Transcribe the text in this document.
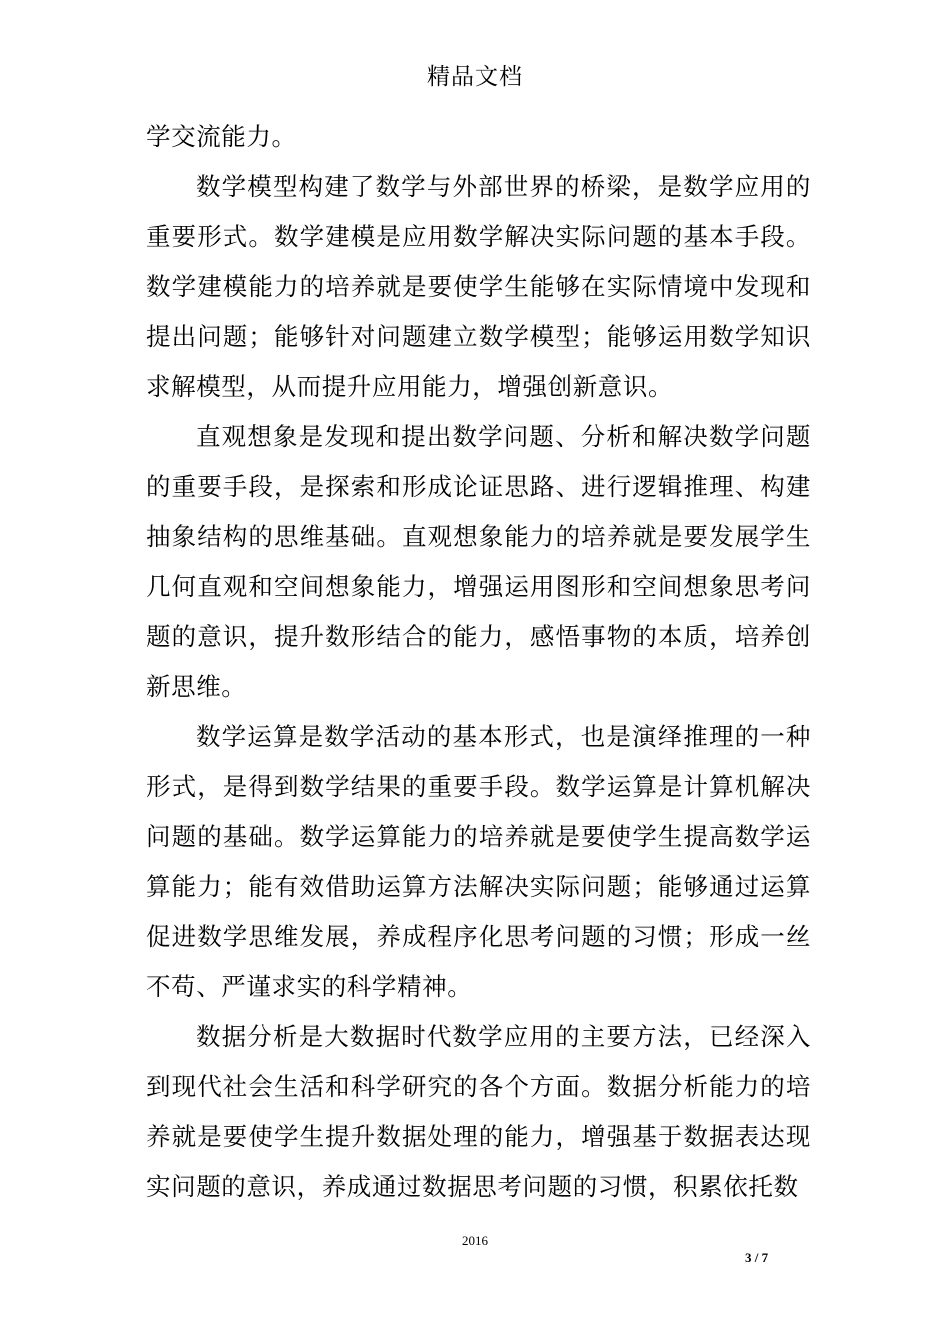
精品文档

学交流能力。

数学模型构建了数学与外部世界的桥梁，是数学应用的重要形式。数学建模是应用数学解决实际问题的基本手段。数学建模能力的培养就是要使学生能够在实际情境中发现和提出问题；能够针对问题建立数学模型；能够运用数学知识求解模型，从而提升应用能力，增强创新意识。

直观想象是发现和提出数学问题、分析和解决数学问题的重要手段，是探索和形成论证思路、进行逻辑推理、构建抽象结构的思维基础。直观想象能力的培养就是要发展学生几何直观和空间想象能力，增强运用图形和空间想象思考问题的意识，提升数形结合的能力，感悟事物的本质，培养创新思维。

数学运算是数学活动的基本形式，也是演绎推理的一种形式，是得到数学结果的重要手段。数学运算是计算机解决问题的基础。数学运算能力的培养就是要使学生提高数学运算能力；能有效借助运算方法解决实际问题；能够通过运算促进数学思维发展，养成程序化思考问题的习惯；形成一丝不苟、严谨求实的科学精神。

数据分析是大数据时代数学应用的主要方法，已经深入到现代社会生活和科学研究的各个方面。数据分析能力的培养就是要使学生提升数据处理的能力，增强基于数据表达现实问题的意识，养成通过数据思考问题的习惯，积累依托数

2016
3 / 7
